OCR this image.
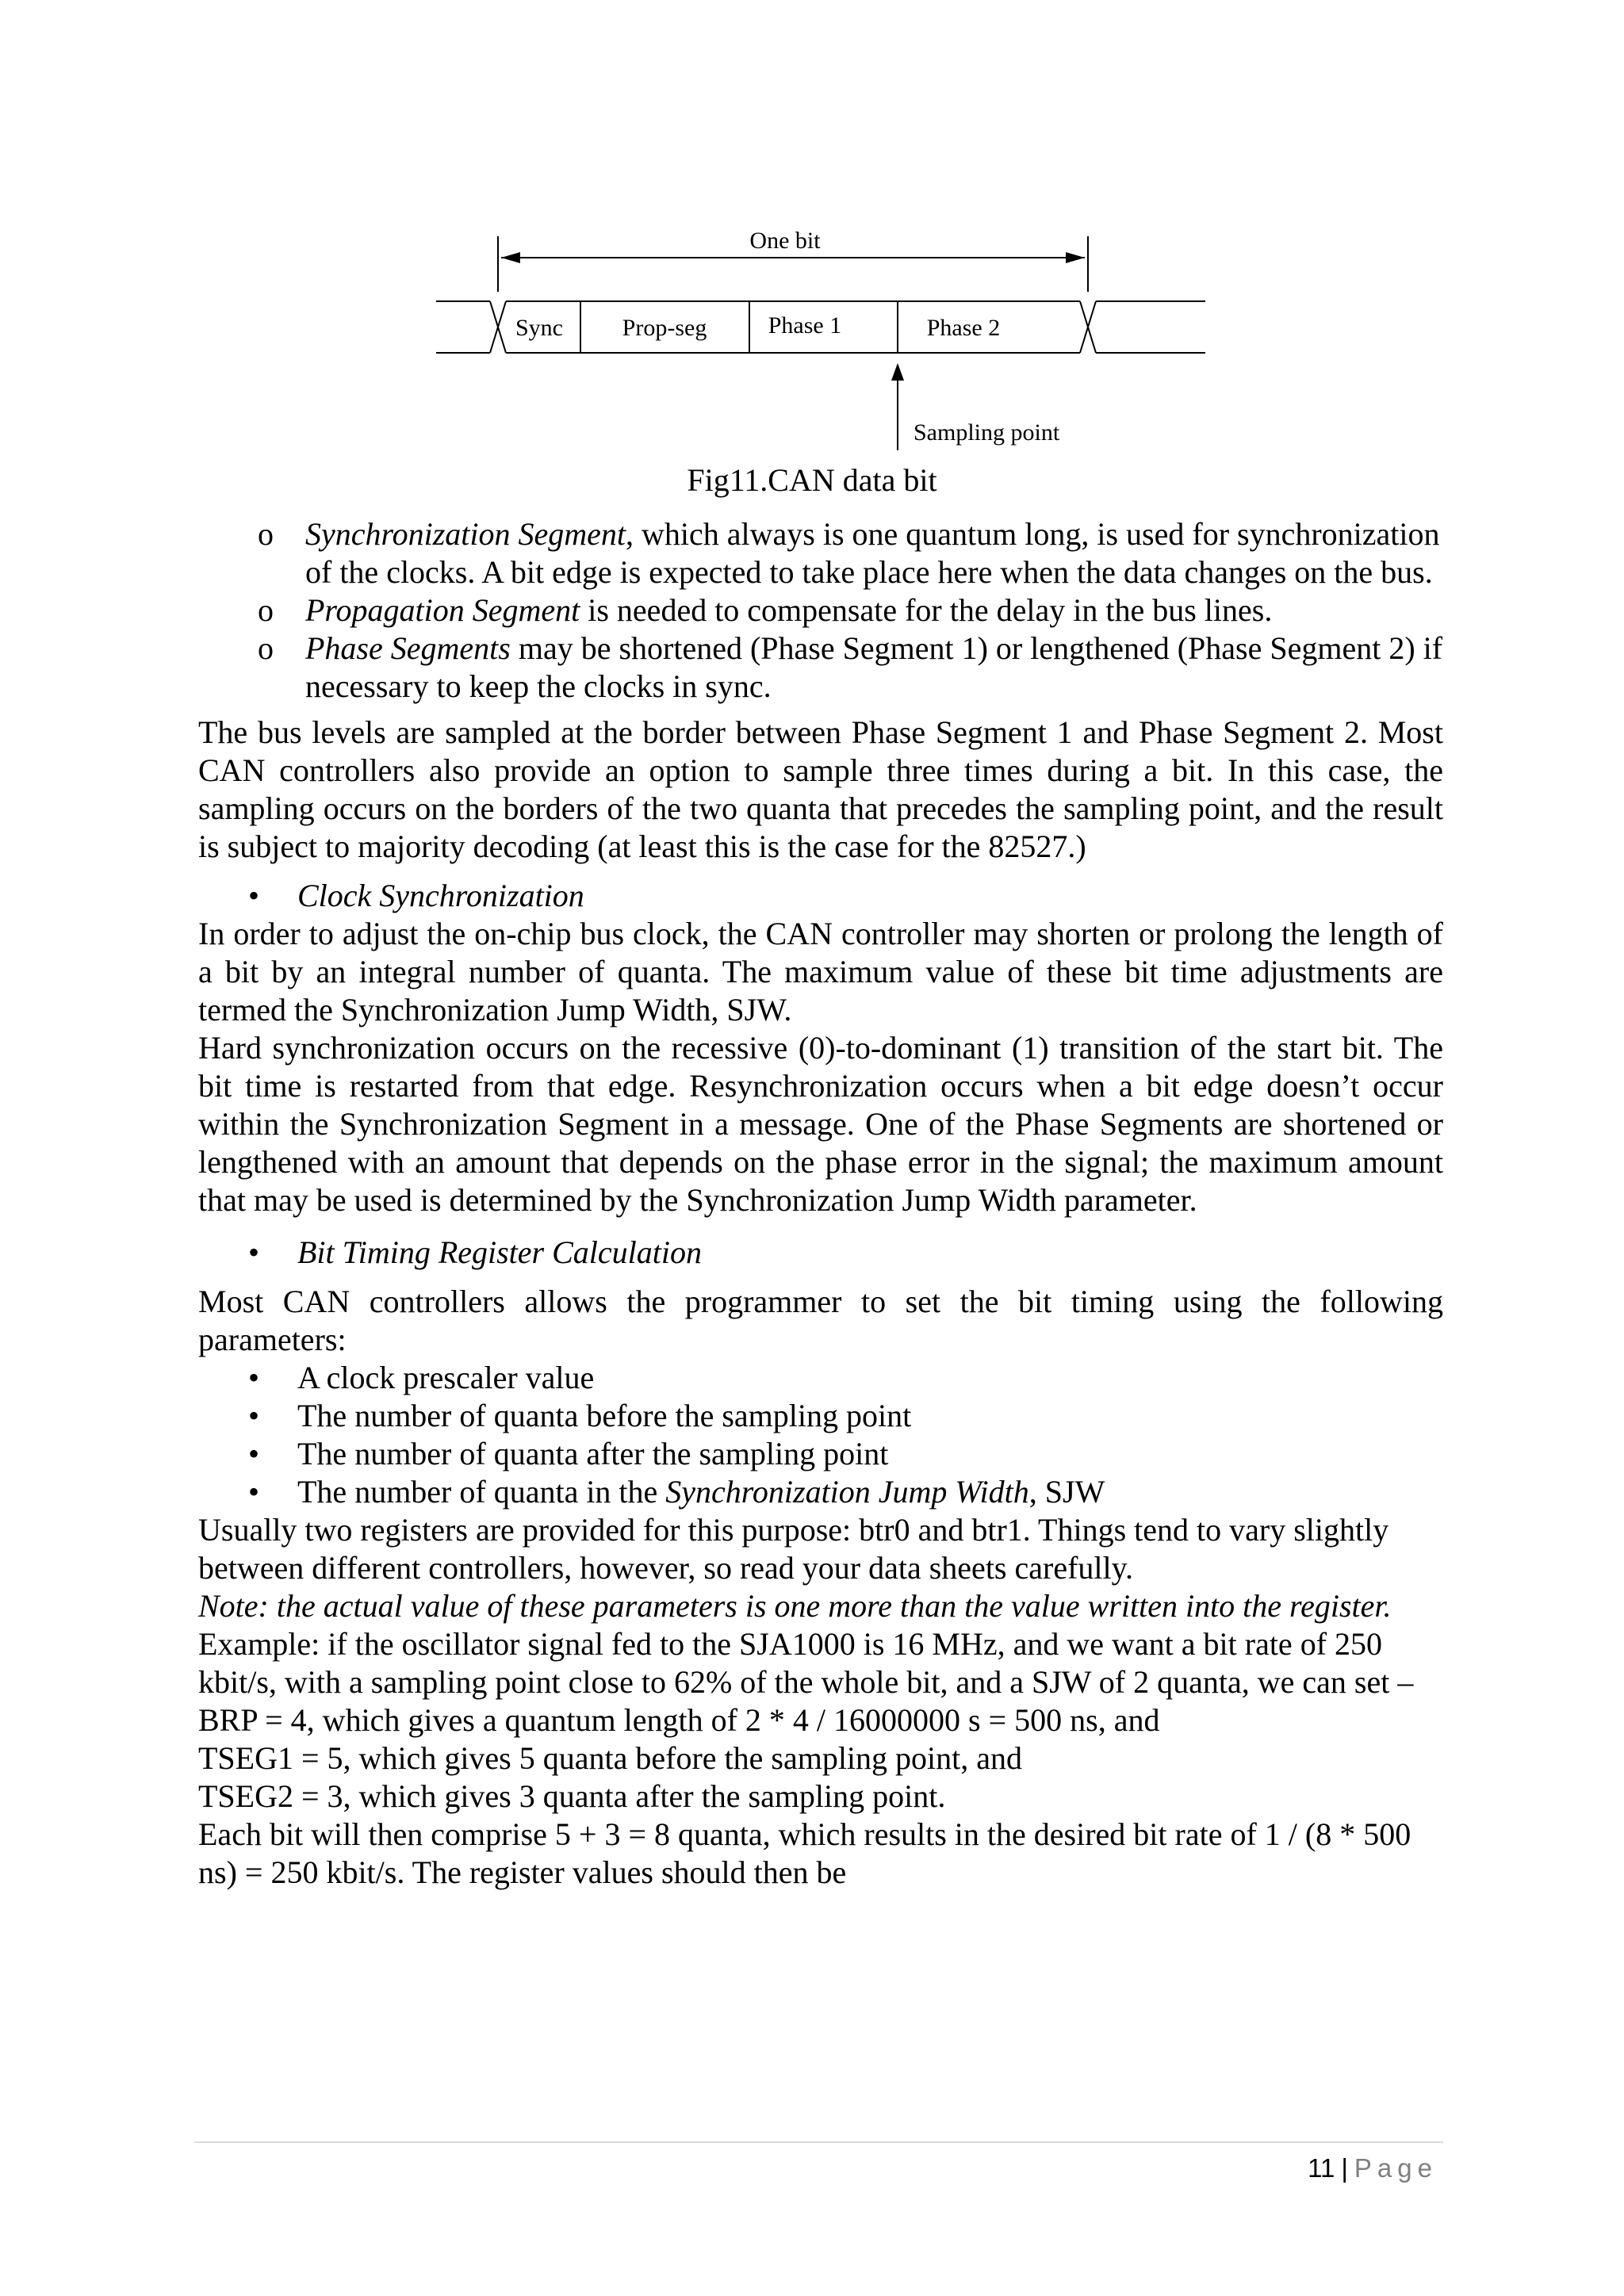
One bit
Sync Prop-seg	Phase 1	Phase 2
Sampling point
Fig11.CAN data bit
o Synchronization Segment, which always is one quantum long, is used for synchronization of the clocks. A bit edge is expected to take place here when the data changes on the bus.
o Propagation Segment is needed to compensate for the delay in the bus lines.
o Phase Segments may be shortened (Phase Segment 1) or lengthened (Phase Segment 2) if necessary to keep the clocks in sync.

The bus levels are sampled at the border between Phase Segment 1 and Phase Segment 2. Most CAN controllers also provide an option to sample three times during a bit. In this case, the sampling occurs on the borders of the two quanta that precedes the sampling point, and the result is subject to majority decoding (at least this is the case for the 82527.)

• Clock Synchronization

In order to adjust the on-chip bus clock, the CAN controller may shorten or prolong the length of a bit by an integral number of quanta. The maximum value of these bit time adjustments are termed the Synchronization Jump Width, SJW.

Hard synchronization occurs on the recessive (0)-to-dominant (1) transition of the start bit. The bit time is restarted from that edge. Resynchronization occurs when a bit edge doesn’t occur within the Synchronization Segment in a message. One of the Phase Segments are shortened or lengthened with an amount that depends on the phase error in the signal; the maximum amount that may be used is determined by the Synchronization Jump Width parameter.

• Bit Timing Register Calculation

Most CAN controllers allows the programmer to set the bit timing using the following parameters:

• A clock prescaler value
• The number of quanta before the sampling point
• The number of quanta after the sampling point
• The number of quanta in the Synchronization Jump Width, SJW

Usually two registers are provided for this purpose: btr0 and btr1. Things tend to vary slightly between different controllers, however, so read your data sheets carefully.

Note: the actual value of these parameters is one more than the value written into the register.

Example: if the oscillator signal fed to the SJA1000 is 16 MHz, and we want a bit rate of 250 kbit/s, with a sampling point close to 62% of the whole bit, and a SJW of 2 quanta, we can set –

BRP = 4, which gives a quantum length of 2 * 4 / 16000000 s = 500 ns, and

TSEG1 = 5, which gives 5 quanta before the sampling point, and

TSEG2 = 3, which gives 3 quanta after the sampling point.

Each bit will then comprise 5 + 3 = 8 quanta, which results in the desired bit rate of 1 / (8 * 500 ns) = 250 kbit/s. The register values should then be

11 | Page
